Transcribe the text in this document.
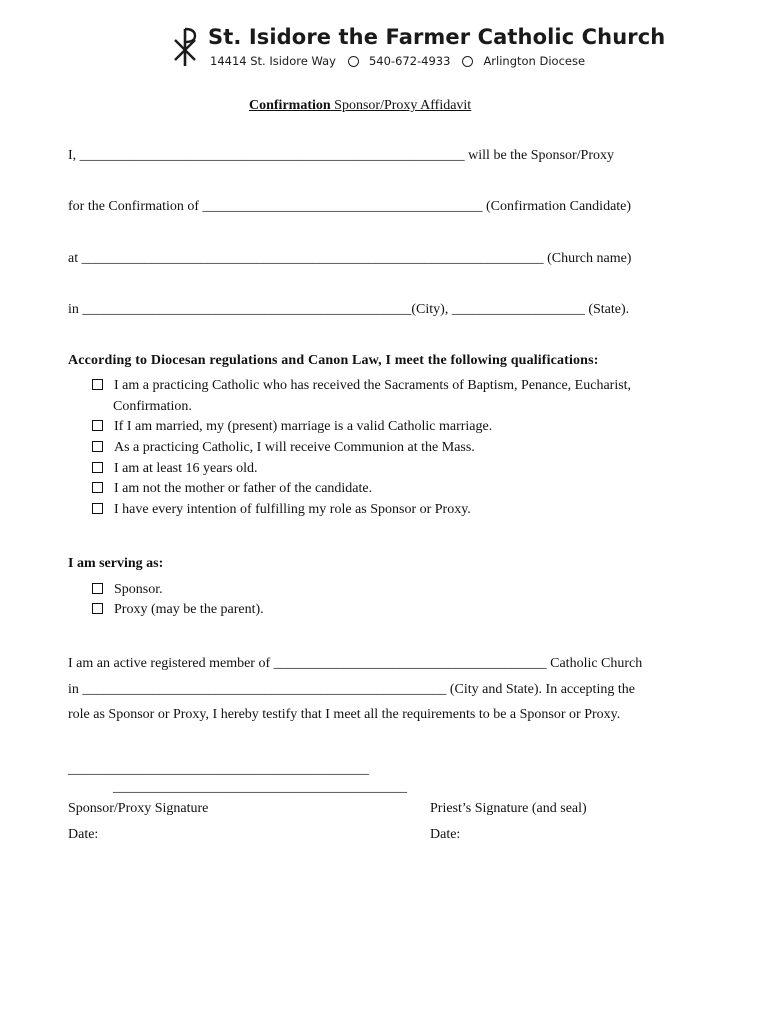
St. Isidore the Farmer Catholic Church
14414 St. Isidore Way	540-672-4933	Arlington Diocese
Confirmation Sponsor/Proxy Affidavit
I, _______________________________________________________ will be the Sponsor/Proxy
for the Confirmation of ________________________________________ (Confirmation Candidate)
at __________________________________________________________________ (Church name)
in _______________________________________________(City), ___________________ (State).
According to Diocesan regulations and Canon Law, I meet the following qualifications:
I am a practicing Catholic who has received the Sacraments of Baptism, Penance, Eucharist,
Confirmation.
If I am married, my (present) marriage is a valid Catholic marriage.
As a practicing Catholic, I will receive Communion at the Mass.
I am at least 16 years old.
I am not the mother or father of the candidate.
I have every intention of fulfilling my role as Sponsor or Proxy.
I am serving as:
Sponsor.
Proxy (may be the parent).
I am an active registered member of _______________________________________ Catholic Church
in ____________________________________________________ (City and State). In accepting the
role as Sponsor or Proxy, I hereby testify that I meet all the requirements to be a Sponsor or Proxy.
___________________________________________
__________________________________________
Sponsor/Proxy Signature	Priest’s Signature (and seal)
Date:	Date:
